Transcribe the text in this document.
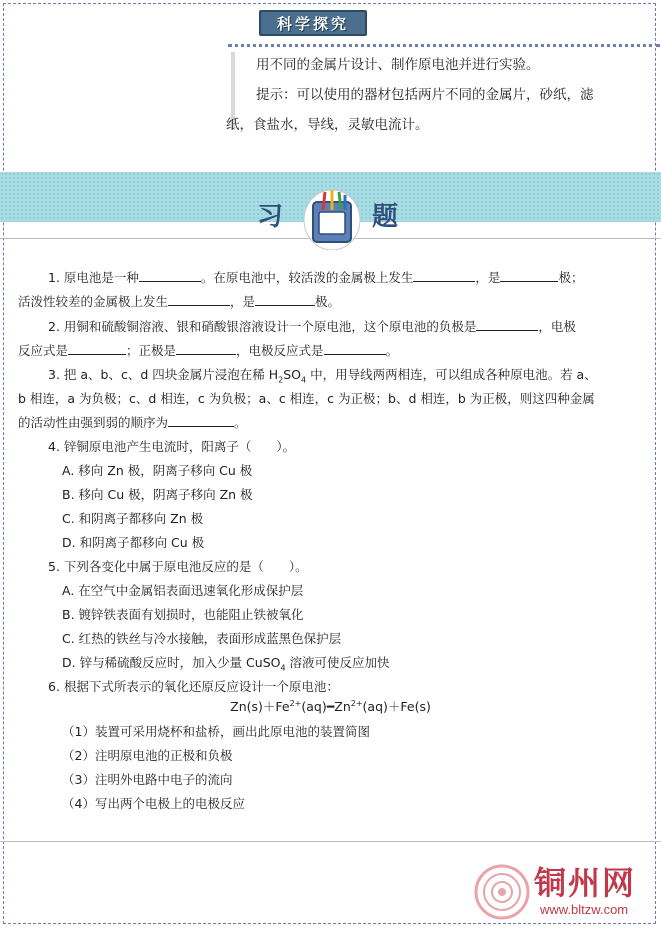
科学探究
用不同的金属片设计、制作原电池并进行实验。
提示：可以使用的器材包括两片不同的金属片，砂纸，滤
纸，食盐水，导线，灵敏电流计。
习	题
1. 原电池是一种	。在原电池中，较活泼的金属极上发生	，是	极；
活泼性较差的金属极上发生	，是	极。
2. 用铜和硫酸铜溶液、银和硝酸银溶液设计一个原电池，这个原电池的负极是	，电极
反应式是	；正极是	，电极反应式是	。
3. 把 a、b、c、d 四块金属片浸泡在稀 $H_2SO_4$ 中，用导线两两相连，可以组成各种原电池。若 a、
b 相连，a 为负极；c、d 相连，c 为负极；a、c 相连，c 为正极；b、d 相连，b 为正极，则这四种金属
的活动性由强到弱的顺序为	。
4. 锌铜原电池产生电流时，阳离子（　　）。
A. 移向 Zn 极，阴离子移向 Cu 极
B. 移向 Cu 极，阴离子移向 Zn 极
C. 和阴离子都移向 Zn 极
D. 和阴离子都移向 Cu 极
5. 下列各变化中属于原电池反应的是（　　）。
A. 在空气中金属铝表面迅速氧化形成保护层
B. 镀锌铁表面有划损时，也能阻止铁被氧化
C. 红热的铁丝与冷水接触，表面形成蓝黑色保护层
D. 锌与稀硫酸反应时，加入少量 CuSO$_4$ 溶液可使反应加快
6. 根据下式所表示的氧化还原反应设计一个原电池：
$Zn(s)+Fe^{2+}(aq)━Zn^{2+}(aq)+Fe(s)$
（1）装置可采用烧杯和盐桥，画出此原电池的装置简图
（2）注明原电池的正极和负极
（3）注明外电路中电子的流向
（4）写出两个电极上的电极反应
铜州网
www.bltzw.com
